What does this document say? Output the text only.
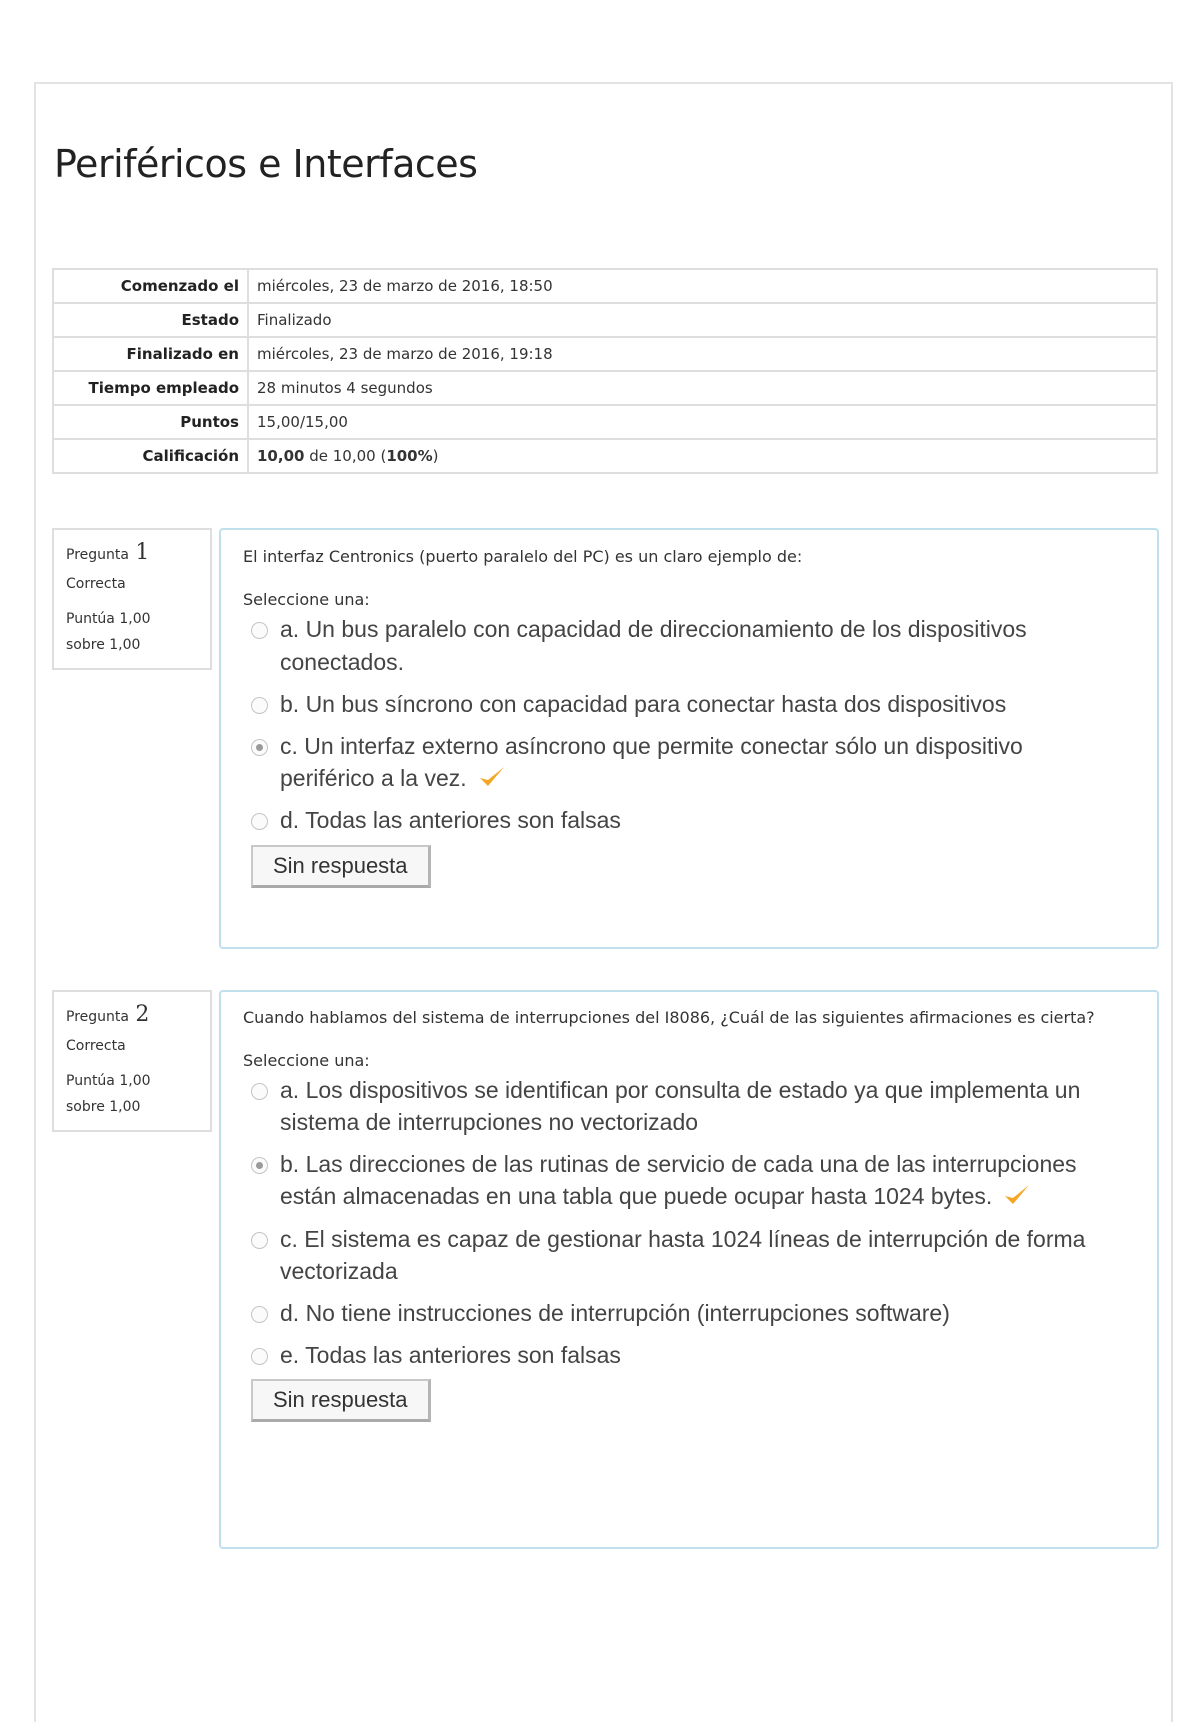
Periféricos e Interfaces
Comenzado el	miércoles, 23 de marzo de 2016, 18:50
Estado	Finalizado
Finalizado en	miércoles, 23 de marzo de 2016, 19:18
Tiempo empleado	28 minutos 4 segundos
Puntos	15,00/15,00
Calificación	10,00 de 10,00 (100%)
Pregunta 1
Correcta
Puntúa 1,00 sobre 1,00

El interfaz Centronics (puerto paralelo del PC) es un claro ejemplo de:

Seleccione una:
a. Un bus paralelo con capacidad de direccionamiento de los dispositivos conectados.
b. Un bus síncrono con capacidad para conectar hasta dos dispositivos
c. Un interfaz externo asíncrono que permite conectar sólo un dispositivo periférico a la vez.
d. Todas las anteriores son falsas
Sin respuesta
Pregunta 2
Correcta
Puntúa 1,00 sobre 1,00

Cuando hablamos del sistema de interrupciones del I8086, ¿Cuál de las siguientes afirmaciones es cierta?

Seleccione una:
a. Los dispositivos se identifican por consulta de estado ya que implementa un sistema de interrupciones no vectorizado
b. Las direcciones de las rutinas de servicio de cada una de las interrupciones están almacenadas en una tabla que puede ocupar hasta 1024 bytes.
c. El sistema es capaz de gestionar hasta 1024 líneas de interrupción de forma vectorizada
d. No tiene instrucciones de interrupción (interrupciones software)
e. Todas las anteriores son falsas
Sin respuesta
